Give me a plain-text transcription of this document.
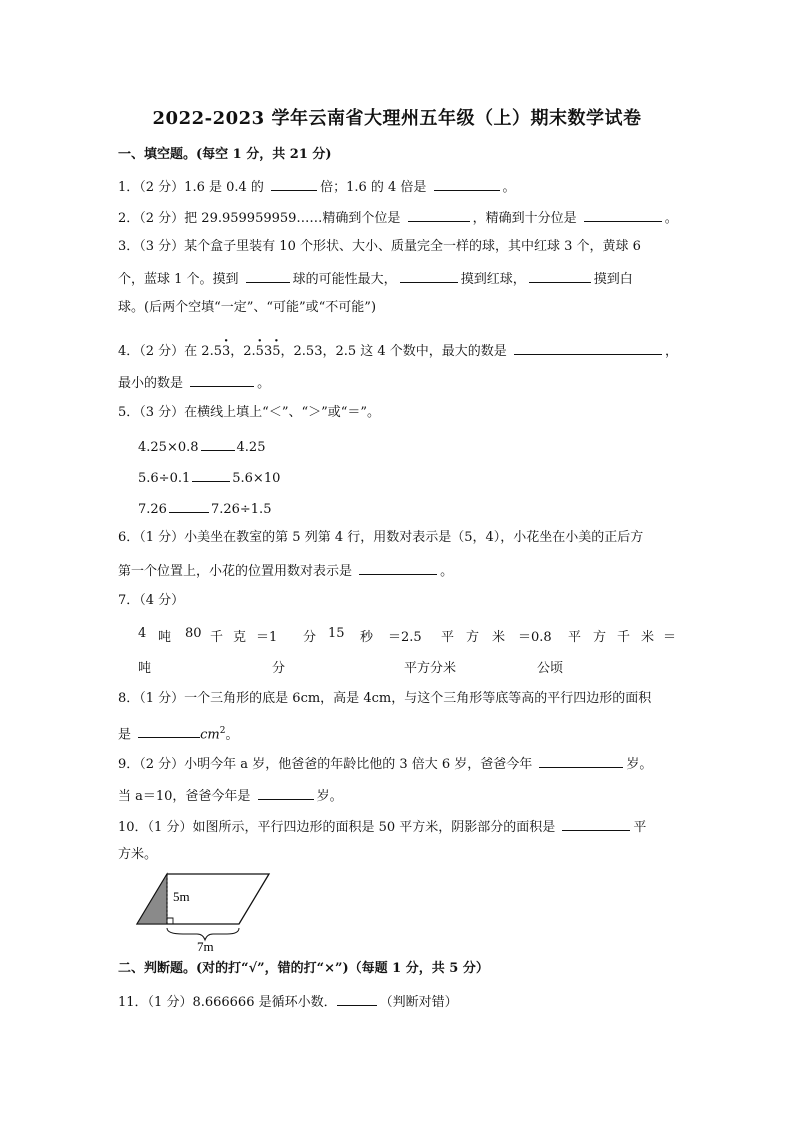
2022-2023 学年云南省大理州五年级（上）期末数学试卷
一、填空题。(每空 1 分，共 21 分)
1．（2 分）1.6 是 0.4 的	倍；1.6 的 4 倍是	。
2．（2 分）把 29.959959959……精确到个位是	，精确到十分位是	。
3．（3 分）某个盒子里装有 10 个形状、大小、质量完全一样的球，其中红球 3 个，黄球 6
个，蓝球 1 个。摸到	球的可能性最大，	摸到红球，	摸到白
球。(后两个空填“一定”、“可能”或“不可能”)
4．（2 分）在 2.5· 3，2.· 53· 5，2.53，2.5 这 4 个数中，最大的数是	，
最小的数是	。
5．（3 分）在横线上填上“＜”、“＞”或“＝”。
4.25×0.8	4.25
5.6÷0.1	5.6×10
7.26	7.26÷1.5
6．（1 分）小美坐在教室的第 5 列第 4 行，用数对表示是（5，4），小花坐在小美的正后方
第一个位置上，小花的位置用数对表示是	。
7．（4 分）
4 吨 80 千 克 ＝1 分 15 秒 ＝2.5 平 方 米 ＝0.8 平 方 千 米 ＝
吨	分	平方分米	公顷
8．（1 分）一个三角形的底是 6cm，高是 4cm，与这个三角形等底等高的平行四边形的面积
是	$cm^2$。
9．（2 分）小明今年 a 岁，他爸爸的年龄比他的 3 倍大 6 岁，爸爸今年	岁。
当 a＝10，爸爸今年是	岁。
10．（1 分）如图所示，平行四边形的面积是 50 平方米，阴影部分的面积是	平
方米。
5m
7m
二、判断题。(对的打“√”，错的打“×”)（每题 1 分，共 5 分）
11．（1 分）8.666666 是循环小数．	（判断对错）
